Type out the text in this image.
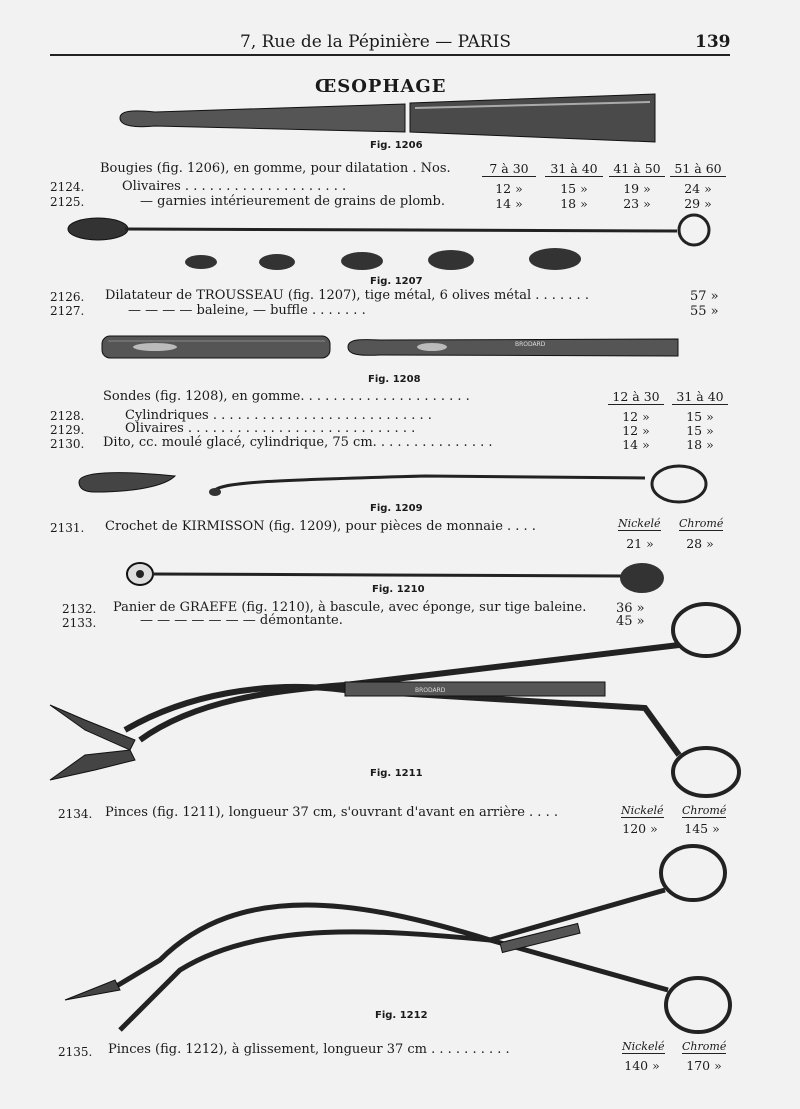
7, Rue de la Pépinière — PARIS	139
ŒSOPHAGE
Fig. 1206
Bougies (fig. 1206), en gomme, pour dilatation . Nos.	7 à 30	31 à 40	41 à 50	51 à 60
2124.	Olivaires . . . . . . . . . . . . . . . . . . . .	12 »	15 »	19 »	24 »
2125.	— garnies intérieurement de grains de plomb.	14 »	18 »	23 »	29 »
Fig. 1207
2126. Dilatateur de TROUSSEAU (fig. 1207), tige métal, 6 olives métal . . . . . . .	57 »
2127.	— — — — baleine, — buffle . . . . . . .	55 »
BRODARD
Fig. 1208
Sondes (fig. 1208), en gomme. . . . . . . . . . . . . . . . . . . . .	12 à 30	31 à 40
2128.	Cylindriques . . . . . . . . . . . . . . . . . . . . . . . . . . .	12 »	15 »
2129.	Olivaires . . . . . . . . . . . . . . . . . . . . . . . . . . . .	12 »	15 »
2130. Dito, cc. moulé glacé, cylindrique, 75 cm. . . . . . . . . . . . . . .	14 »	18 »
Fig. 1209
Nickelé Chromé
2131. Crochet de KIRMISSON (fig. 1209), pour pièces de monnaie . . . .
21 »	28 »
Fig. 1210
2132. Panier de GRAEFE (fig. 1210), à bascule, avec éponge, sur tige baleine. 36 »
2133.	— — — — — — — démontante.	45 »
BRODARD
Fig. 1211
Nickelé Chromé
2134. Pinces (fig. 1211), longueur 37 cm, s'ouvrant d'avant en arrière . . . .
120 »	145 »
Fig. 1212
Nickelé Chromé
2135. Pinces (fig. 1212), à glissement, longueur 37 cm . . . . . . . . . .
140 »	170 »
